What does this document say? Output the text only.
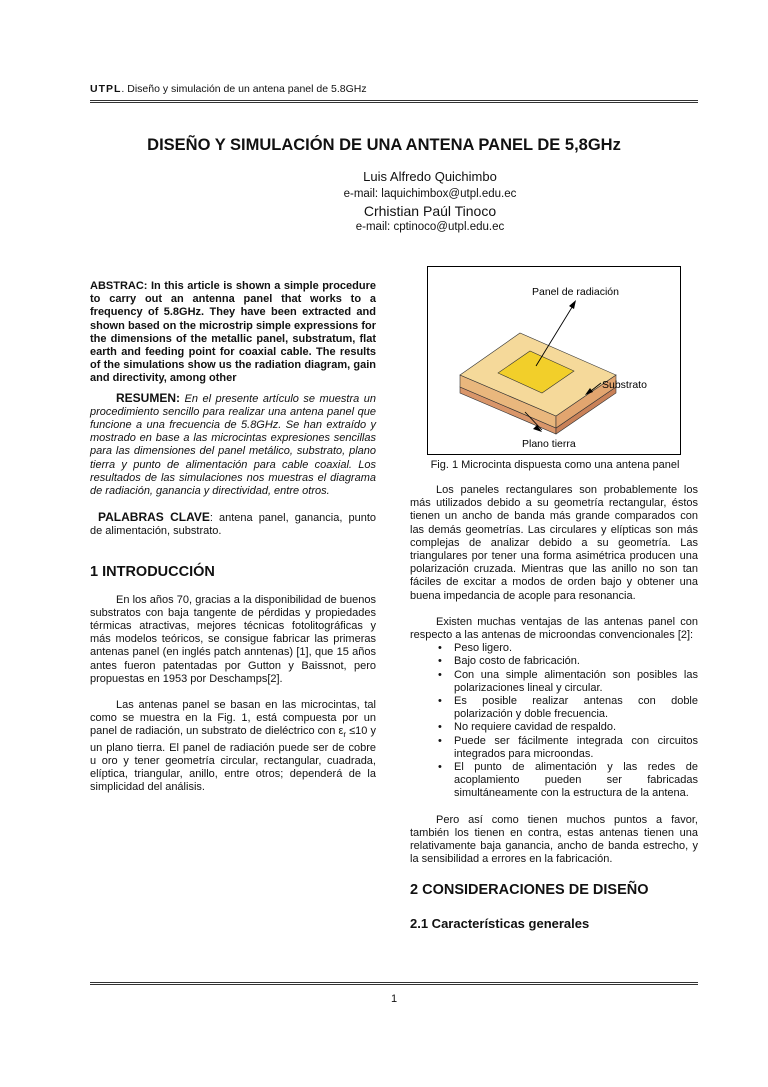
UTPL. Diseño y simulación de un antena panel de 5.8GHz
DISEÑO Y SIMULACIÓN DE UNA ANTENA PANEL DE 5,8GHz
Luis Alfredo Quichimbo
e-mail: laquichimbox@utpl.edu.ec
Crhistian Paúl Tinoco
e-mail: cptinoco@utpl.edu.ec

ABSTRAC: In this article is shown a simple procedure to carry out an antenna panel that works to a frequency of 5.8GHz. They have been extracted and shown based on the microstrip simple expressions for the dimensions of the metallic panel, substratum, flat earth and feeding point for coaxial cable. The results of the simulations show us the radiation diagram, gain and directivity, among other

RESUMEN: En el presente artículo se muestra un procedimiento sencillo para realizar una antena panel que funcione a una frecuencia de 5.8GHz. Se han extraído y mostrado en base a las microcintas expresiones sencillas para las dimensiones del panel metálico, substrato, plano tierra y punto de alimentación para cable coaxial. Los resultados de las simulaciones nos muestras el diagrama de radiación, ganancia y directividad, entre otros.

PALABRAS CLAVE: antena panel, ganancia, punto de alimentación, substrato.

1 INTRODUCCIÓN

En los años 70, gracias a la disponibilidad de buenos substratos con baja tangente de pérdidas y propiedades térmicas atractivas, mejores técnicas fotolitográficas y más modelos teóricos, se consigue fabricar las primeras antenas panel (en inglés patch anntenas) [1], que 15 años antes fueron patentadas por Gutton y Baissnot, pero propuestas en 1953 por Deschamps[2].

Las antenas panel se basan en las microcintas, tal como se muestra en la Fig. 1, está compuesta por un panel de radiación, un substrato de dieléctrico con $\varepsilon_r \le 10$ y un plano tierra. El panel de radiación puede ser de cobre u oro y tener geometría circular, rectangular, cuadrada, elíptica, triangular, anillo, entre otros; dependerá de la simplicidad del análisis.

Panel de radiación
Substrato
Plano tierra
Fig. 1 Microcinta dispuesta como una antena panel

Los paneles rectangulares son probablemente los más utilizados debido a su geometría rectangular, éstos tienen un ancho de banda más grande comparados con las demás geometrías. Las circulares y elípticas son más complejas de analizar debido a su geometría. Las triangulares por tener una forma asimétrica producen una polarización cruzada. Mientras que las anillo no son tan fáciles de excitar a modos de orden bajo y obtener una buena impedancia de acople para resonancia.

Existen muchas ventajas de las antenas panel con respecto a las antenas de microondas convencionales [2]:

• Peso ligero.
• Bajo costo de fabricación.
• Con una simple alimentación son posibles las polarizaciones lineal y circular.
• Es posible realizar antenas con doble polarización y doble frecuencia.
• No requiere cavidad de respaldo.
• Puede ser fácilmente integrada con circuitos integrados para microondas.
• El punto de alimentación y las redes de acoplamiento pueden ser fabricadas simultáneamente con la estructura de la antena.

Pero así como tienen muchos puntos a favor, también los tienen en contra, estas antenas tienen una relativamente baja ganancia, ancho de banda estrecho, y la sensibilidad a errores en la fabricación.

2 CONSIDERACIONES DE DISEÑO

2.1 Características generales

1
